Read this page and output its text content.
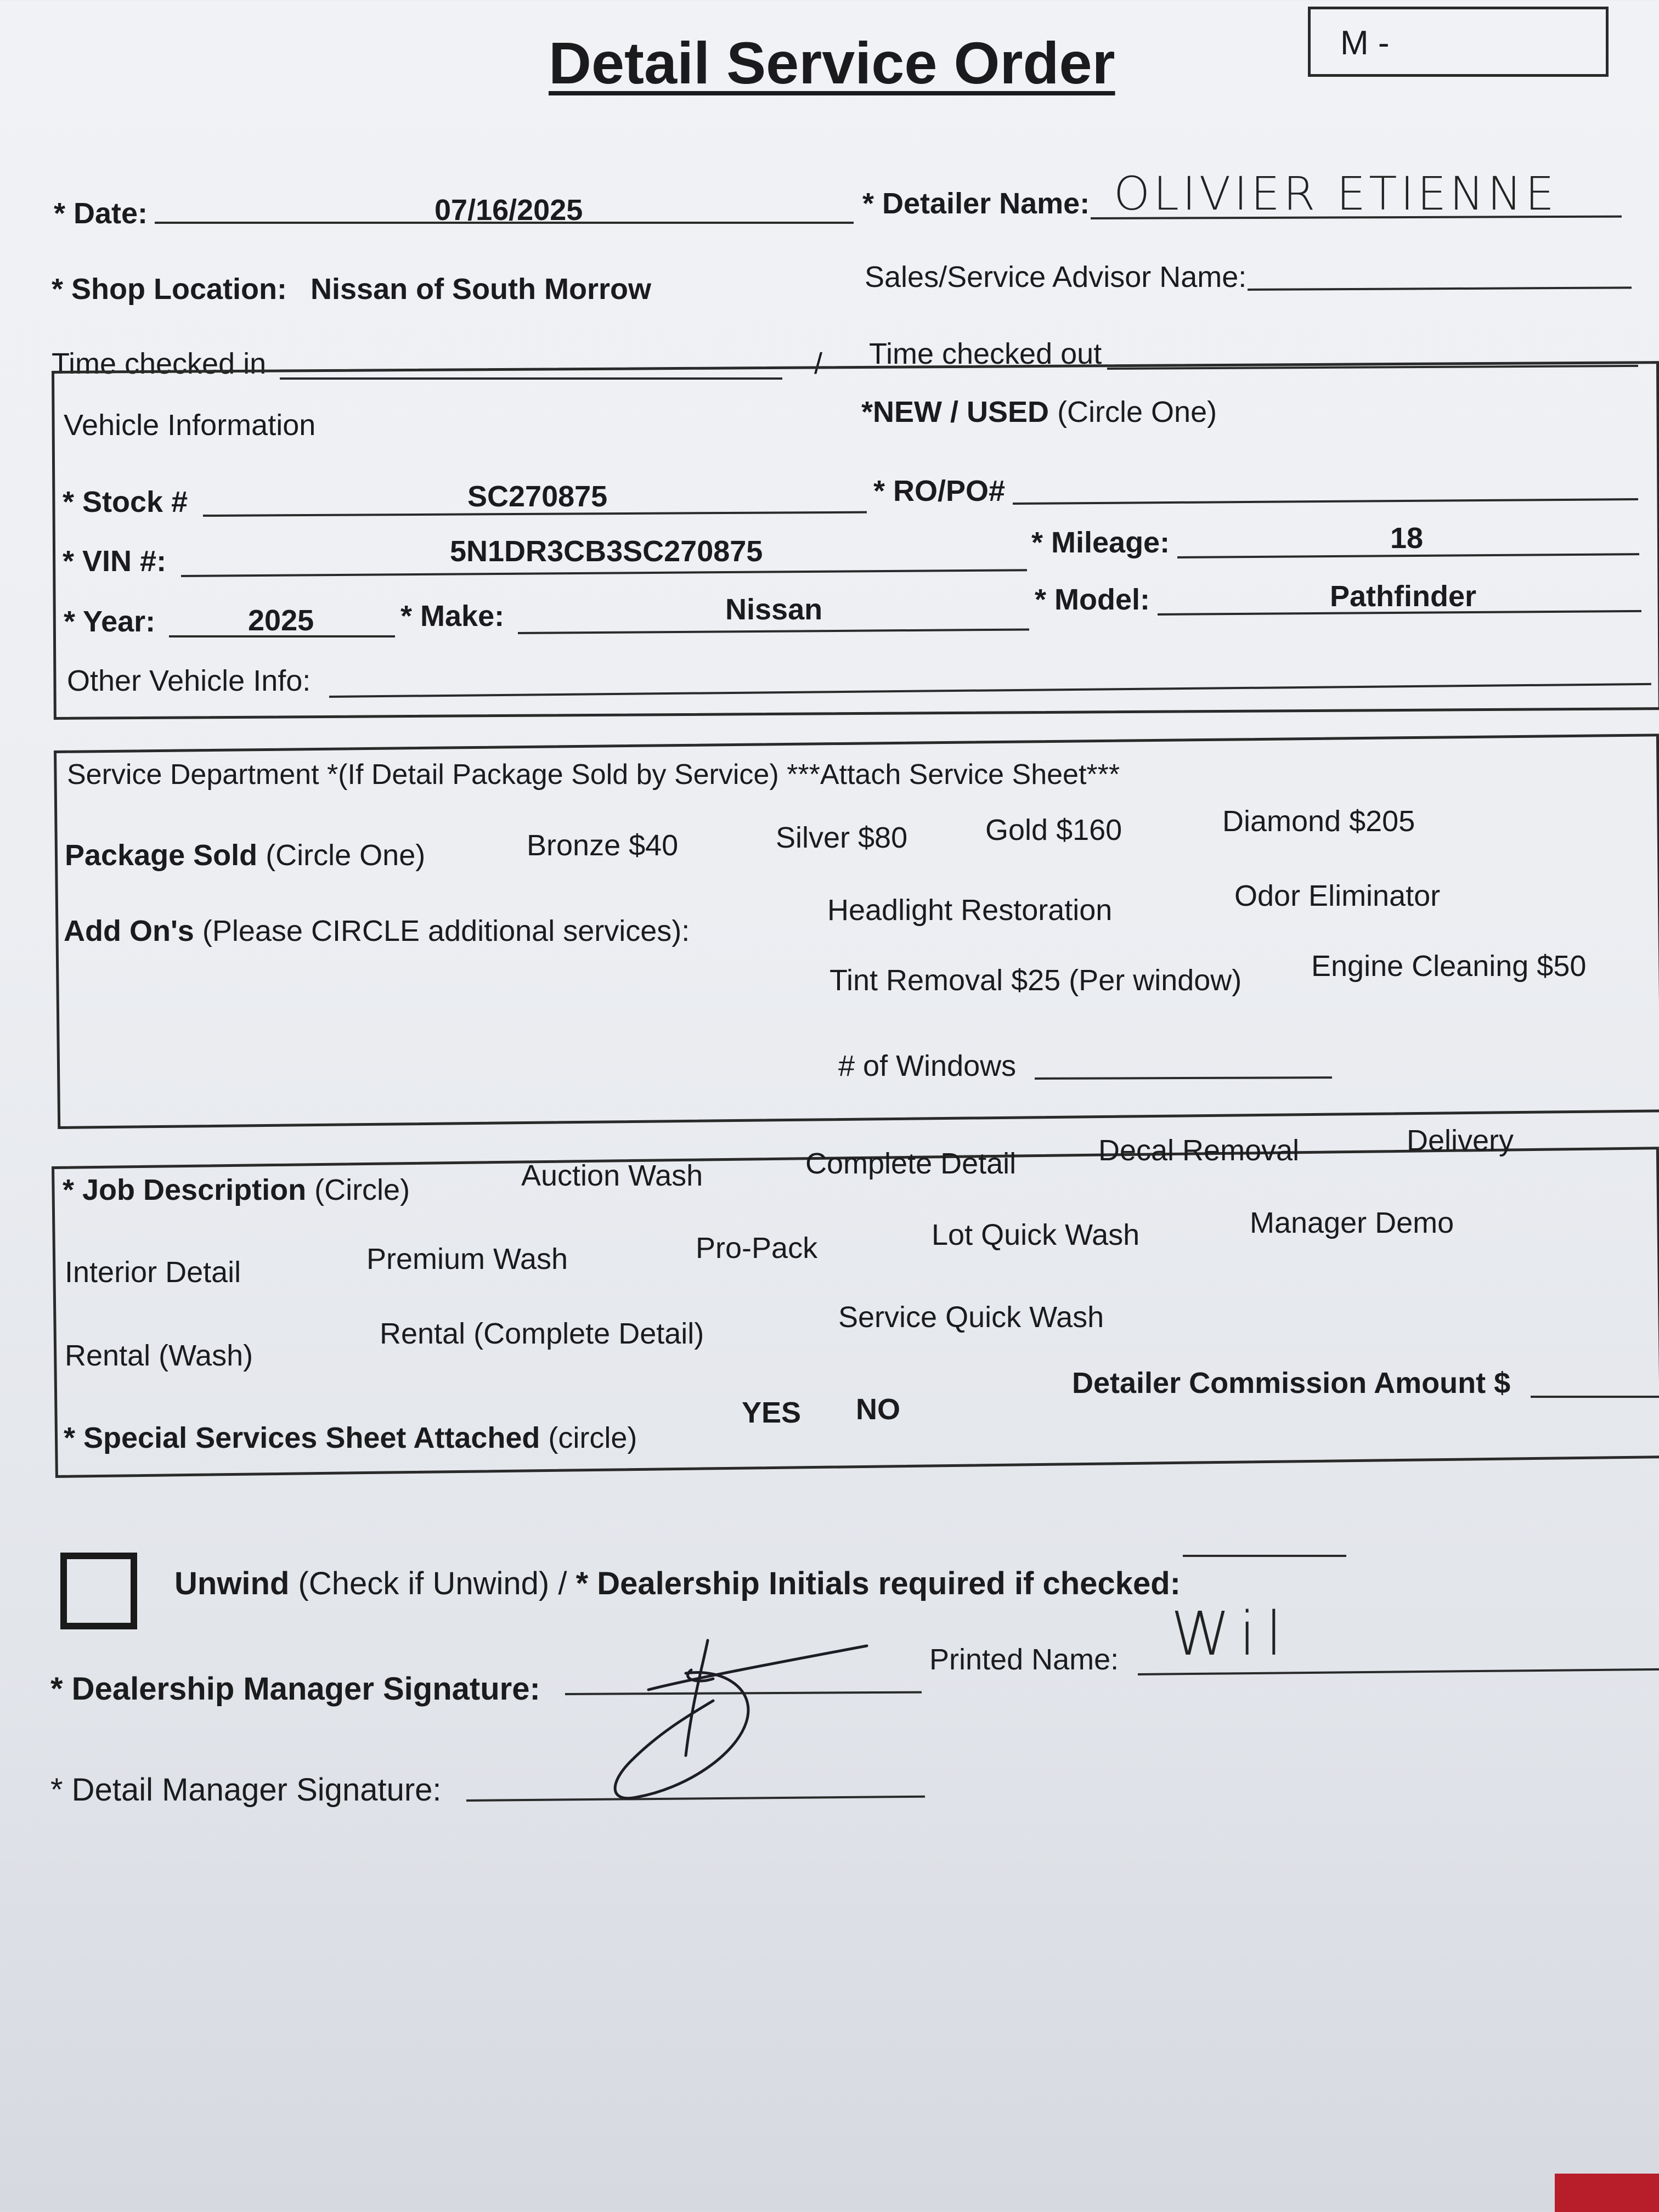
Detail Service Order	M -
* Date:	07/16/2025	* Detailer Name: OLIVIER ETIENNE
* Shop Location: Nissan of South Morrow	Sales/Service Advisor Name:
Time checked in	/ Time checked out
Vehicle Information	*NEW / USED (Circle One)
* Stock #	SC270875	* RO/PO#
* VIN #:	5N1DR3CB3SC270875	* Mileage:	18
* Year:	2025	* Make:	Nissan	* Model:	Pathfinder
Other Vehicle Info:
Service Department *(If Detail Package Sold by Service) ***Attach Service Sheet***
Package Sold (Circle One)	Bronze $40	Silver $80	Gold $160	Diamond $205
Add On's (Please CIRCLE additional services):
Headlight Restoration	Odor Eliminator
Tint Removal $25 (Per window) Engine Cleaning $50
# of Windows
* Job Description (Circle)	Auction Wash	Complete Detail	Decal Removal	Delivery
Interior Detail	Premium Wash	Pro-Pack	Lot Quick Wash	Manager Demo
Rental (Wash)
Rental (Complete Detail)	Service Quick Wash
* Special Services Sheet Attached (circle)
YES NO
Detailer Commission Amount $
Unwind (Check if Unwind) / * Dealership Initials required if checked:
* Dealership Manager Signature:
Printed Name: Wil
* Detail Manager Signature:
